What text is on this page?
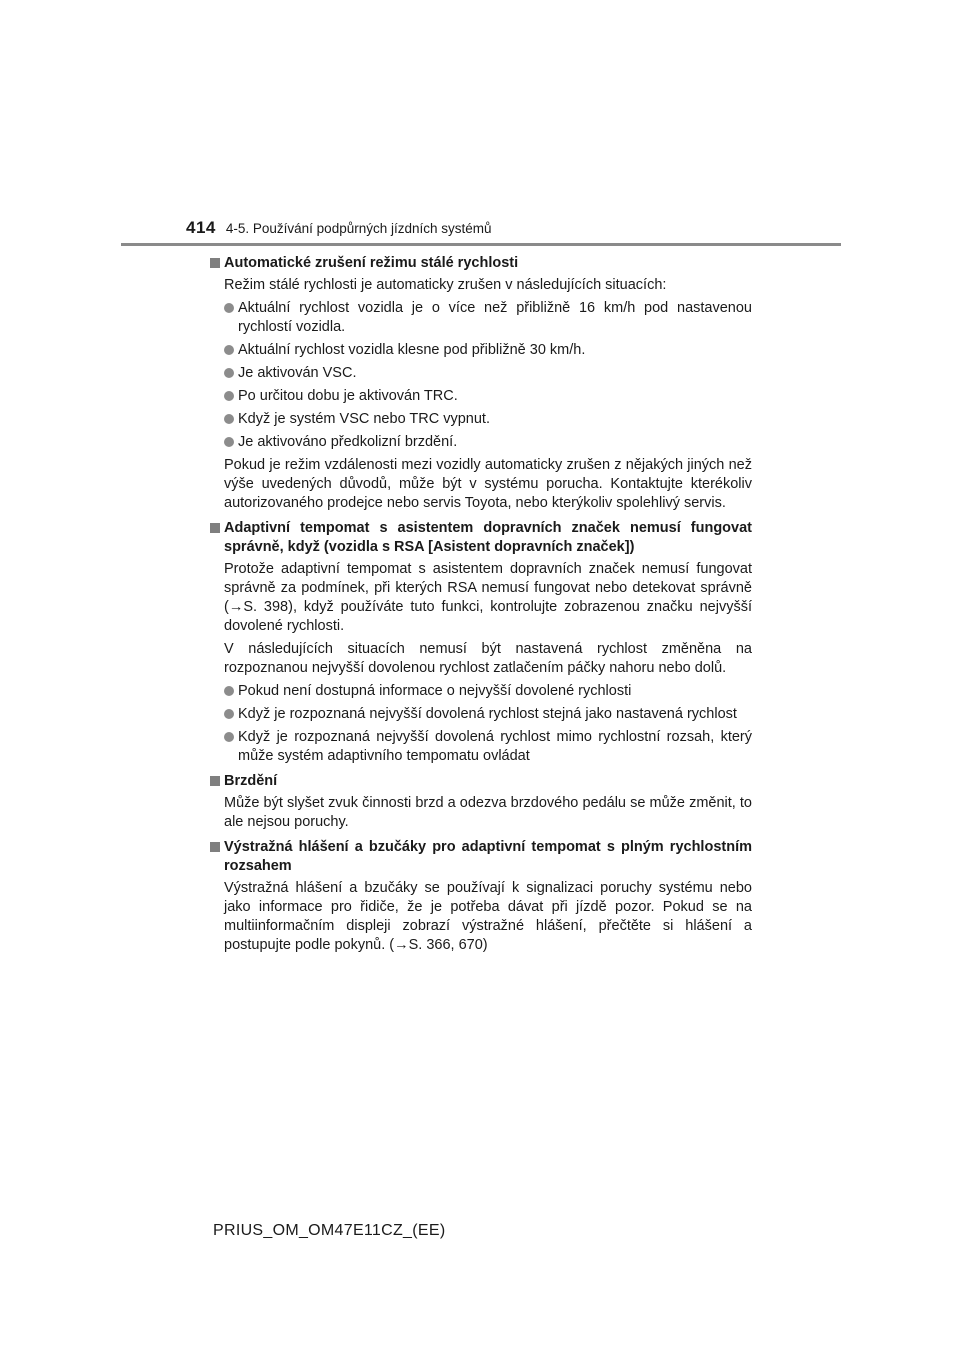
414 4-5. Používání podpůrných jízdních systémů
Automatické zrušení režimu stálé rychlosti
Režim stálé rychlosti je automaticky zrušen v následujících situacích:
Aktuální rychlost vozidla je o více než přibližně 16 km/h pod nastavenou rychlostí vozidla.
Aktuální rychlost vozidla klesne pod přibližně 30 km/h.
Je aktivován VSC.
Po určitou dobu je aktivován TRC.
Když je systém VSC nebo TRC vypnut.
Je aktivováno předkolizní brzdění.
Pokud je režim vzdálenosti mezi vozidly automaticky zrušen z nějakých jiných než výše uvedených důvodů, může být v systému porucha. Kontaktujte kterékoliv autorizovaného prodejce nebo servis Toyota, nebo kterýkoliv spolehlivý servis.
Adaptivní tempomat s asistentem dopravních značek nemusí fungovat správně, když (vozidla s RSA [Asistent dopravních značek])
Protože adaptivní tempomat s asistentem dopravních značek nemusí fungovat správně za podmínek, při kterých RSA nemusí fungovat nebo detekovat správně (→S. 398), když používáte tuto funkci, kontrolujte zobrazenou značku nejvyšší dovolené rychlosti.
V následujících situacích nemusí být nastavená rychlost změněna na rozpoznanou nejvyšší dovolenou rychlost zatlačením páčky nahoru nebo dolů.
Pokud není dostupná informace o nejvyšší dovolené rychlosti
Když je rozpoznaná nejvyšší dovolená rychlost stejná jako nastavená rychlost
Když je rozpoznaná nejvyšší dovolená rychlost mimo rychlostní rozsah, který může systém adaptivního tempomatu ovládat
Brzdění
Může být slyšet zvuk činnosti brzd a odezva brzdového pedálu se může změnit, to ale nejsou poruchy.
Výstražná hlášení a bzučáky pro adaptivní tempomat s plným rychlostním rozsahem
Výstražná hlášení a bzučáky se používají k signalizaci poruchy systému nebo jako informace pro řidiče, že je potřeba dávat při jízdě pozor. Pokud se na multiinformačním displeji zobrazí výstražné hlášení, přečtěte si hlášení a postupujte podle pokynů. (→S. 366, 670)
PRIUS_OM_OM47E11CZ_(EE)
